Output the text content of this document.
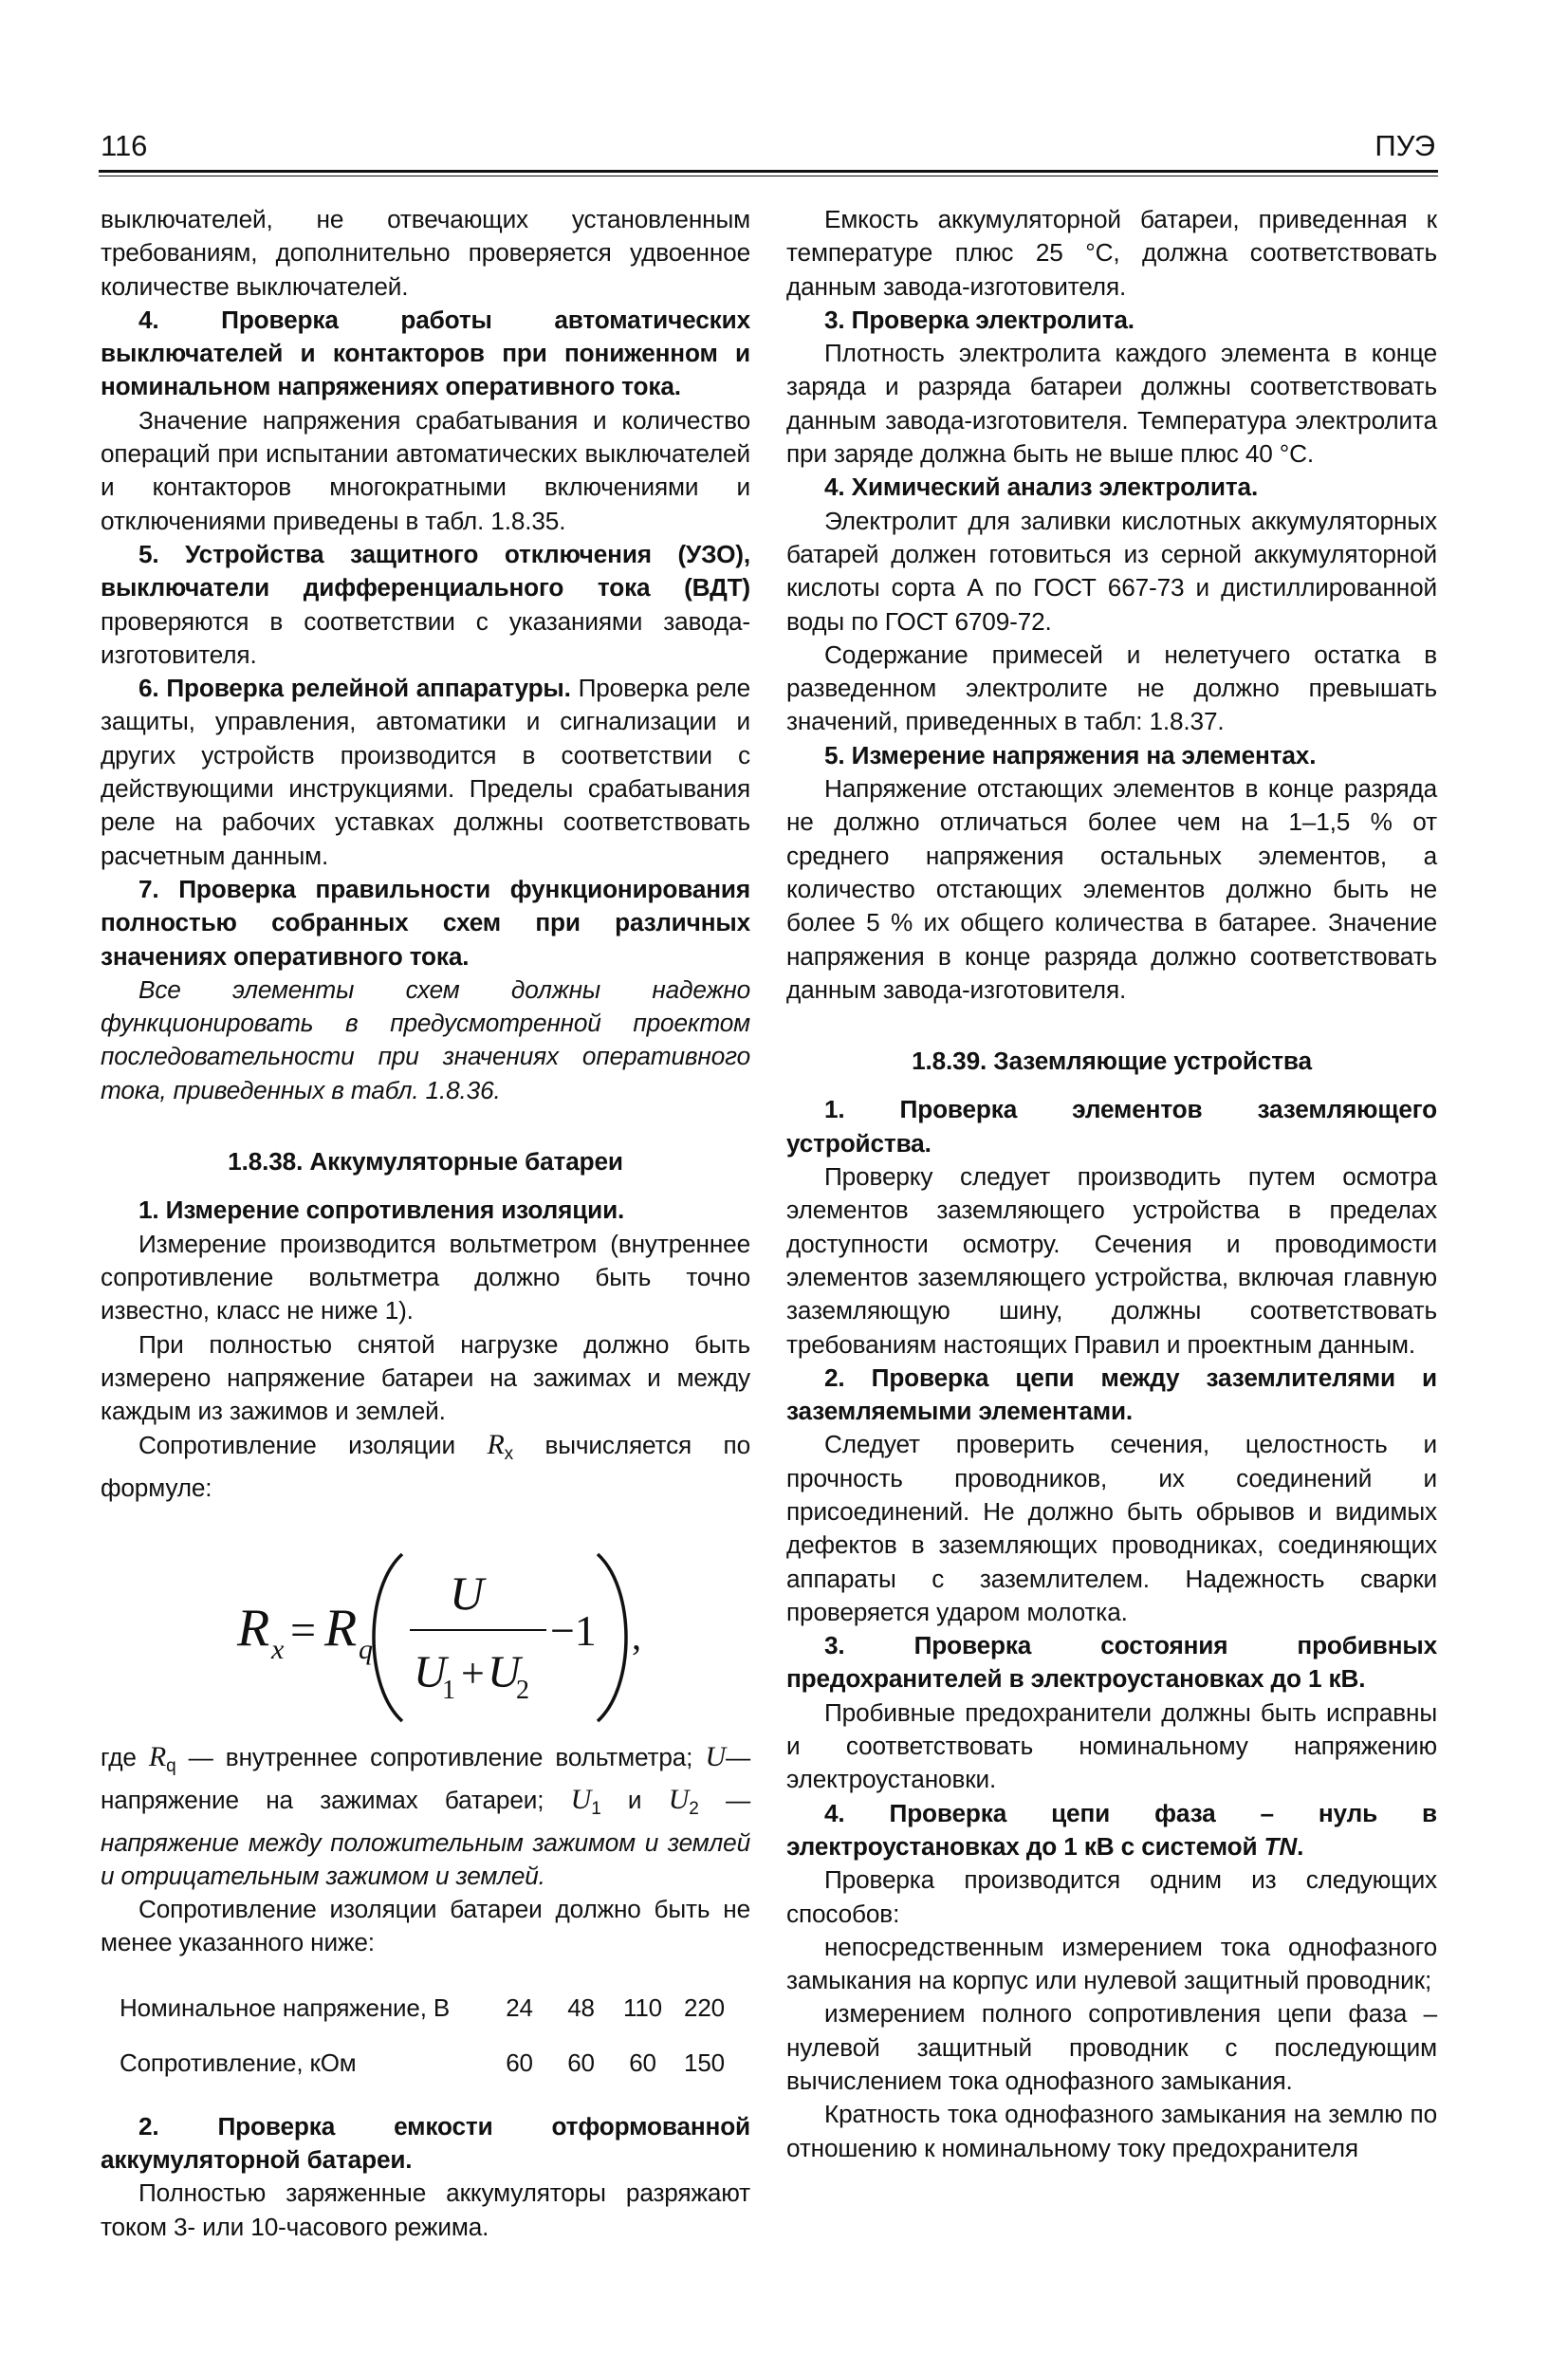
116	ПУЭ

выключателей, не отвечающих установленным требованиям, дополнительно проверяется удвоенное количестве выключателей.

4. Проверка работы автоматических выключателей и контакторов при пониженном и номинальном напряжениях оперативного тока.

Значение напряжения срабатывания и количество операций при испытании автоматических выключателей и контакторов многократными включениями и отключениями приведены в табл. 1.8.35.

5. Устройства защитного отключения (УЗО), выключатели дифференциального тока (ВДТ) проверяются в соответствии с указаниями завода-изготовителя.

6. Проверка релейной аппаратуры. Проверка реле защиты, управления, автоматики и сигнализации и других устройств производится в соответствии с действующими инструкциями. Пределы срабатывания реле на рабочих уставках должны соответствовать расчетным данным.

7. Проверка правильности функционирования полностью собранных схем при различных значениях оперативного тока.

Все элементы схем должны надежно функционировать в предусмотренной проектом последовательности при значениях оперативного тока, приведенных в табл. 1.8.36.

1.8.38. Аккумуляторные батареи

1. Измерение сопротивления изоляции.

Измерение производится вольтметром (внутреннее сопротивление вольтметра должно быть точно известно, класс не ниже 1).

При полностью снятой нагрузке должно быть измерено напряжение батареи на зажимах и между каждым из зажимов и землей.

Сопротивление изоляции $R_x$ вычисляется по формуле:

R x = R q
U
U
1 + U
2
−1 ,

где $R_q$ — внутреннее сопротивление вольтметра; U— напряжение на зажимах батареи; $U_1$ и $U_2$ — напряжение между положительным зажимом и землей и отрицательным зажимом и землей.

Сопротивление изоляции батареи должно быть не менее указанного ниже:

Номинальное напряжение, В	24	48	110	220
Сопротивление, кОм	60	60	60	150

2. Проверка емкости отформованной аккумуляторной батареи.

Полностью заряженные аккумуляторы разряжают током 3- или 10-часового режима.

Емкость аккумуляторной батареи, приведенная к температуре плюс 25 °С, должна соответствовать данным завода-изготовителя.

3. Проверка электролита.

Плотность электролита каждого элемента в конце заряда и разряда батареи должны соответствовать данным завода-изготовителя. Температура электролита при заряде должна быть не выше плюс 40 °С.

4. Химический анализ электролита.

Электролит для заливки кислотных аккумуляторных батарей должен готовиться из серной аккумуляторной кислоты сорта А по ГОСТ 667-73 и дистиллированной воды по ГОСТ 6709-72.

Содержание примесей и нелетучего остатка в разведенном электролите не должно превышать значений, приведенных в табл: 1.8.37.

5. Измерение напряжения на элементах.

Напряжение отстающих элементов в конце разряда не должно отличаться более чем на 1–1,5 % от среднего напряжения остальных элементов, а количество отстающих элементов должно быть не более 5 % их общего количества в батарее. Значение напряжения в конце разряда должно соответствовать данным завода-изготовителя.

1.8.39. Заземляющие устройства

1. Проверка элементов заземляющего устройства.

Проверку следует производить путем осмотра элементов заземляющего устройства в пределах доступности осмотру. Сечения и проводимости элементов заземляющего устройства, включая главную заземляющую шину, должны соответствовать требованиям настоящих Правил и проектным данным.

2. Проверка цепи между заземлителями и заземляемыми элементами.

Следует проверить сечения, целостность и прочность проводников, их соединений и присоединений. Не должно быть обрывов и видимых дефектов в заземляющих проводниках, соединяющих аппараты с заземлителем. Надежность сварки проверяется ударом молотка.

3. Проверка состояния пробивных предохранителей в электроустановках до 1 кВ.

Пробивные предохранители должны быть исправны и соответствовать номинальному напряжению электроустановки.

4. Проверка цепи фаза – нуль в электроустановках до 1 кВ с системой TN.

Проверка производится одним из следующих способов:

непосредственным измерением тока однофазного замыкания на корпус или нулевой защитный проводник;

измерением полного сопротивления цепи фаза – нулевой защитный проводник с последующим вычислением тока однофазного замыкания.

Кратность тока однофазного замыкания на землю по отношению к номинальному току предохранителя
